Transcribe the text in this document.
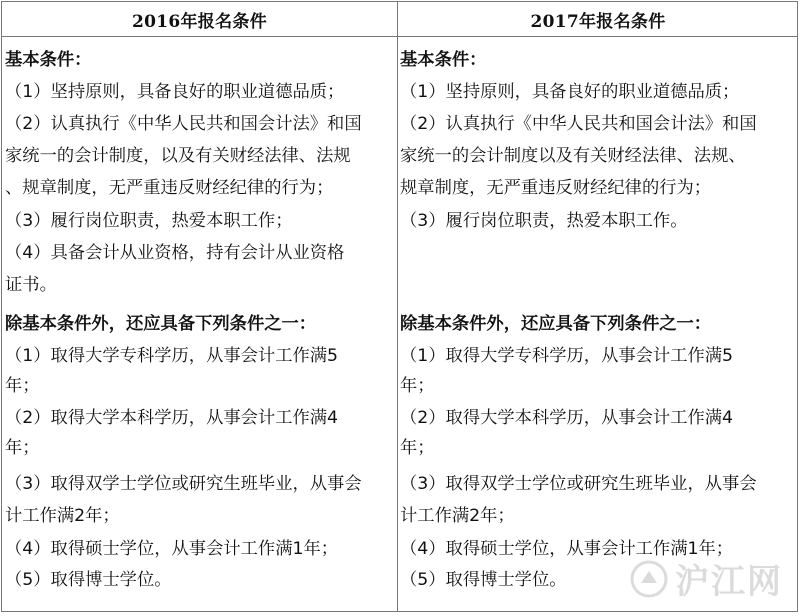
2016年报名条件	2017年报名条件
基本条件：
（1）坚持原则，具备良好的职业道德品质；
（2）认真执行《中华人民共和国会计法》和国
家统一的会计制度，以及有关财经法律、法规
、规章制度，无严重违反财经纪律的行为；
（3）履行岗位职责，热爱本职工作；
（4）具备会计从业资格，持有会计从业资格
证书。
除基本条件外，还应具备下列条件之一：
（1）取得大学专科学历，从事会计工作满5
年；
（2）取得大学本科学历，从事会计工作满4
年；
（3）取得双学士学位或研究生班毕业，从事会
计工作满2年；
（4）取得硕士学位，从事会计工作满1年；
（5）取得博士学位。
基本条件：
（1）坚持原则，具备良好的职业道德品质；
（2）认真执行《中华人民共和国会计法》和国
家统一的会计制度以及有关财经法律、法规、
规章制度，无严重违反财经纪律的行为；
（3）履行岗位职责，热爱本职工作。
除基本条件外，还应具备下列条件之一：
（1）取得大学专科学历，从事会计工作满5
年；
（2）取得大学本科学历，从事会计工作满4
年；
（3）取得双学士学位或研究生班毕业，从事会
计工作满2年；
（4）取得硕士学位，从事会计工作满1年；
（5）取得博士学位。	沪江网
